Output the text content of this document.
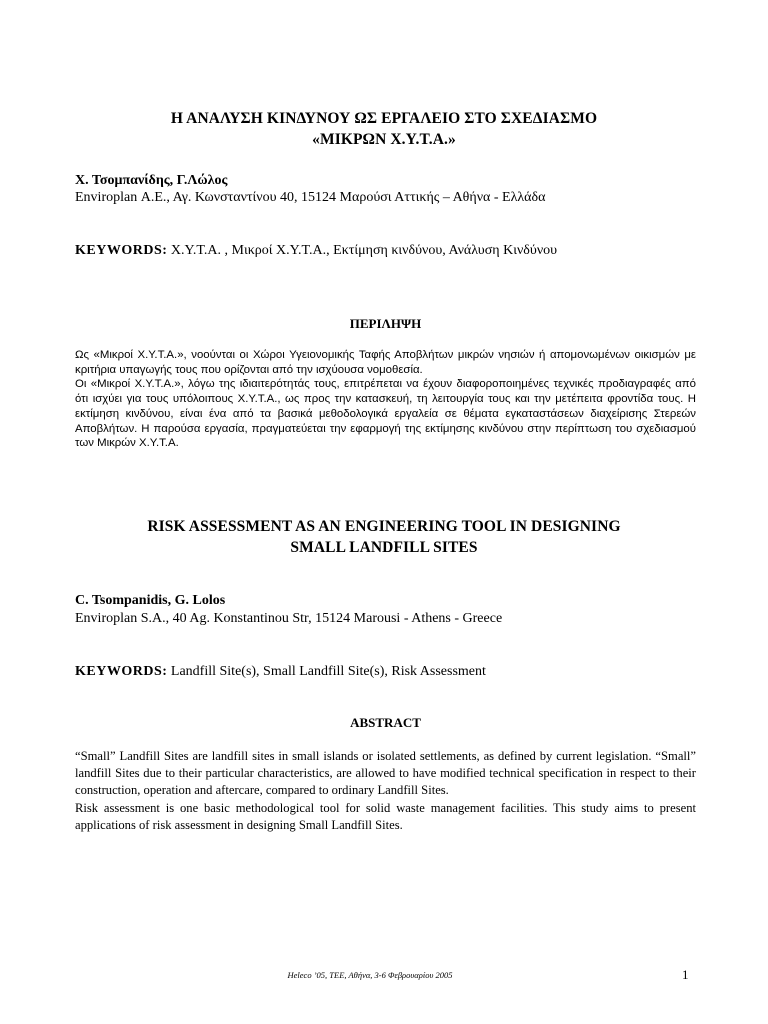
Η ΑΝΑΛΥΣΗ ΚΙΝΔΥΝΟΥ ΩΣ ΕΡΓΑΛΕΙΟ ΣΤΟ ΣΧΕΔΙΑΣΜΟ
«ΜΙΚΡΩΝ Χ.Υ.Τ.Α.»
Χ. Τσομπανίδης, Γ.Λώλος
Enviroplan Α.Ε., Αγ. Κωνσταντίνου 40, 15124 Μαρούσι Αττικής – Αθήνα - Ελλάδα
KEYWORDS: Χ.Υ.Τ.Α. , Μικροί Χ.Υ.Τ.Α., Εκτίμηση κινδύνου, Ανάλυση Κινδύνου
ΠΕΡΙΛΗΨΗ

Ως «Μικροί Χ.Υ.Τ.Α.», νοούνται οι Χώροι Υγειονομικής Ταφής Αποβλήτων μικρών νησιών ή απομονωμένων οικισμών με κριτήρια υπαγωγής τους που ορίζονται από την ισχύουσα νομοθεσία.

Οι «Μικροί Χ.Υ.Τ.Α.», λόγω της ιδιαιτερότητάς τους, επιτρέπεται να έχουν διαφοροποιημένες τεχνικές προδιαγραφές από ότι ισχύει για τους υπόλοιπους Χ.Υ.Τ.Α., ως προς την κατασκευή, τη λειτουργία τους και την μετέπειτα φροντίδα τους. Η εκτίμηση κινδύνου, είναι ένα από τα βασικά μεθοδολογικά εργαλεία σε θέματα εγκαταστάσεων διαχείρισης Στερεών Αποβλήτων. Η παρούσα εργασία, πραγματεύεται την εφαρμογή της εκτίμησης κινδύνου στην περίπτωση του σχεδιασμού των Μικρών Χ.Υ.Τ.Α.

RISK ASSESSMENT AS AN ENGINEERING TOOL IN DESIGNING
SMALL LANDFILL SITES
C. Tsompanidis, G. Lolos
Enviroplan S.A., 40 Ag. Konstantinou Str, 15124 Marousi - Athens - Greece
KEYWORDS: Landfill Site(s), Small Landfill Site(s), Risk Assessment
ABSTRACT

“Small” Landfill Sites are landfill sites in small islands or isolated settlements, as defined by current legislation. “Small” landfill Sites due to their particular characteristics, are allowed to have modified technical specification in respect to their construction, operation and aftercare, compared to ordinary Landfill Sites.

Risk assessment is one basic methodological tool for solid waste management facilities. This study aims to present applications of risk assessment in designing Small Landfill Sites.

Heleco ’05, ΤΕΕ, Αθήνα, 3-6 Φεβρουαρίου 2005	1
